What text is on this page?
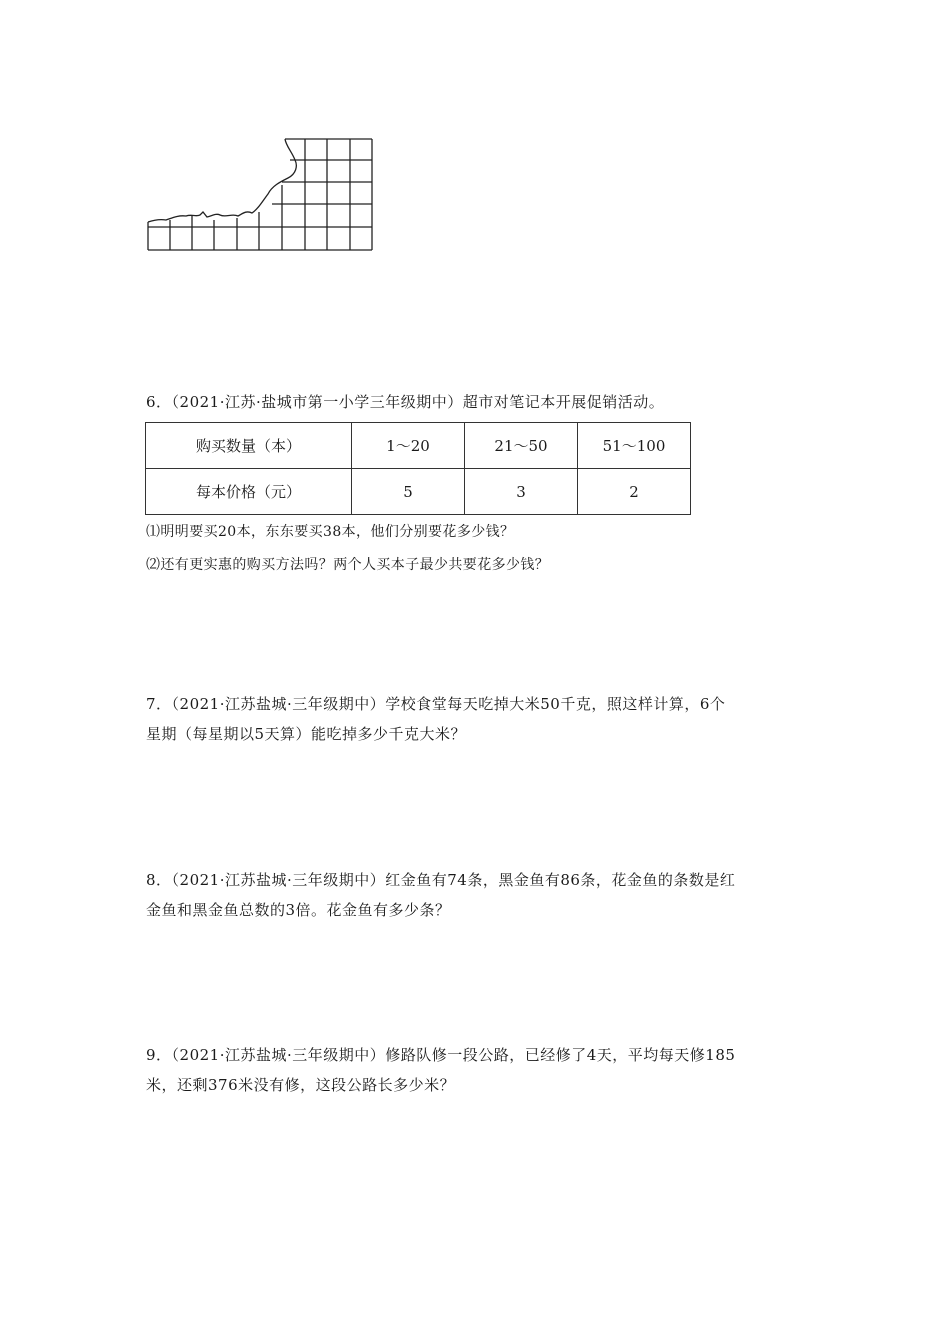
6．（2021·江苏·盐城市第一小学三年级期中）超市对笔记本开展促销活动。
购买数量（本）	1～20	21～50	51～100
每本价格（元）	5	3	2
⑴明明要买20本，东东要买38本，他们分别要花多少钱？
⑵还有更实惠的购买方法吗？两个人买本子最少共要花多少钱？
7．（2021·江苏盐城·三年级期中）学校食堂每天吃掉大米50千克，照这样计算，6个
星期（每星期以5天算）能吃掉多少千克大米？
8．（2021·江苏盐城·三年级期中）红金鱼有74条，黑金鱼有86条，花金鱼的条数是红
金鱼和黑金鱼总数的3倍。花金鱼有多少条？
9．（2021·江苏盐城·三年级期中）修路队修一段公路，已经修了4天，平均每天修185
米，还剩376米没有修，这段公路长多少米？
